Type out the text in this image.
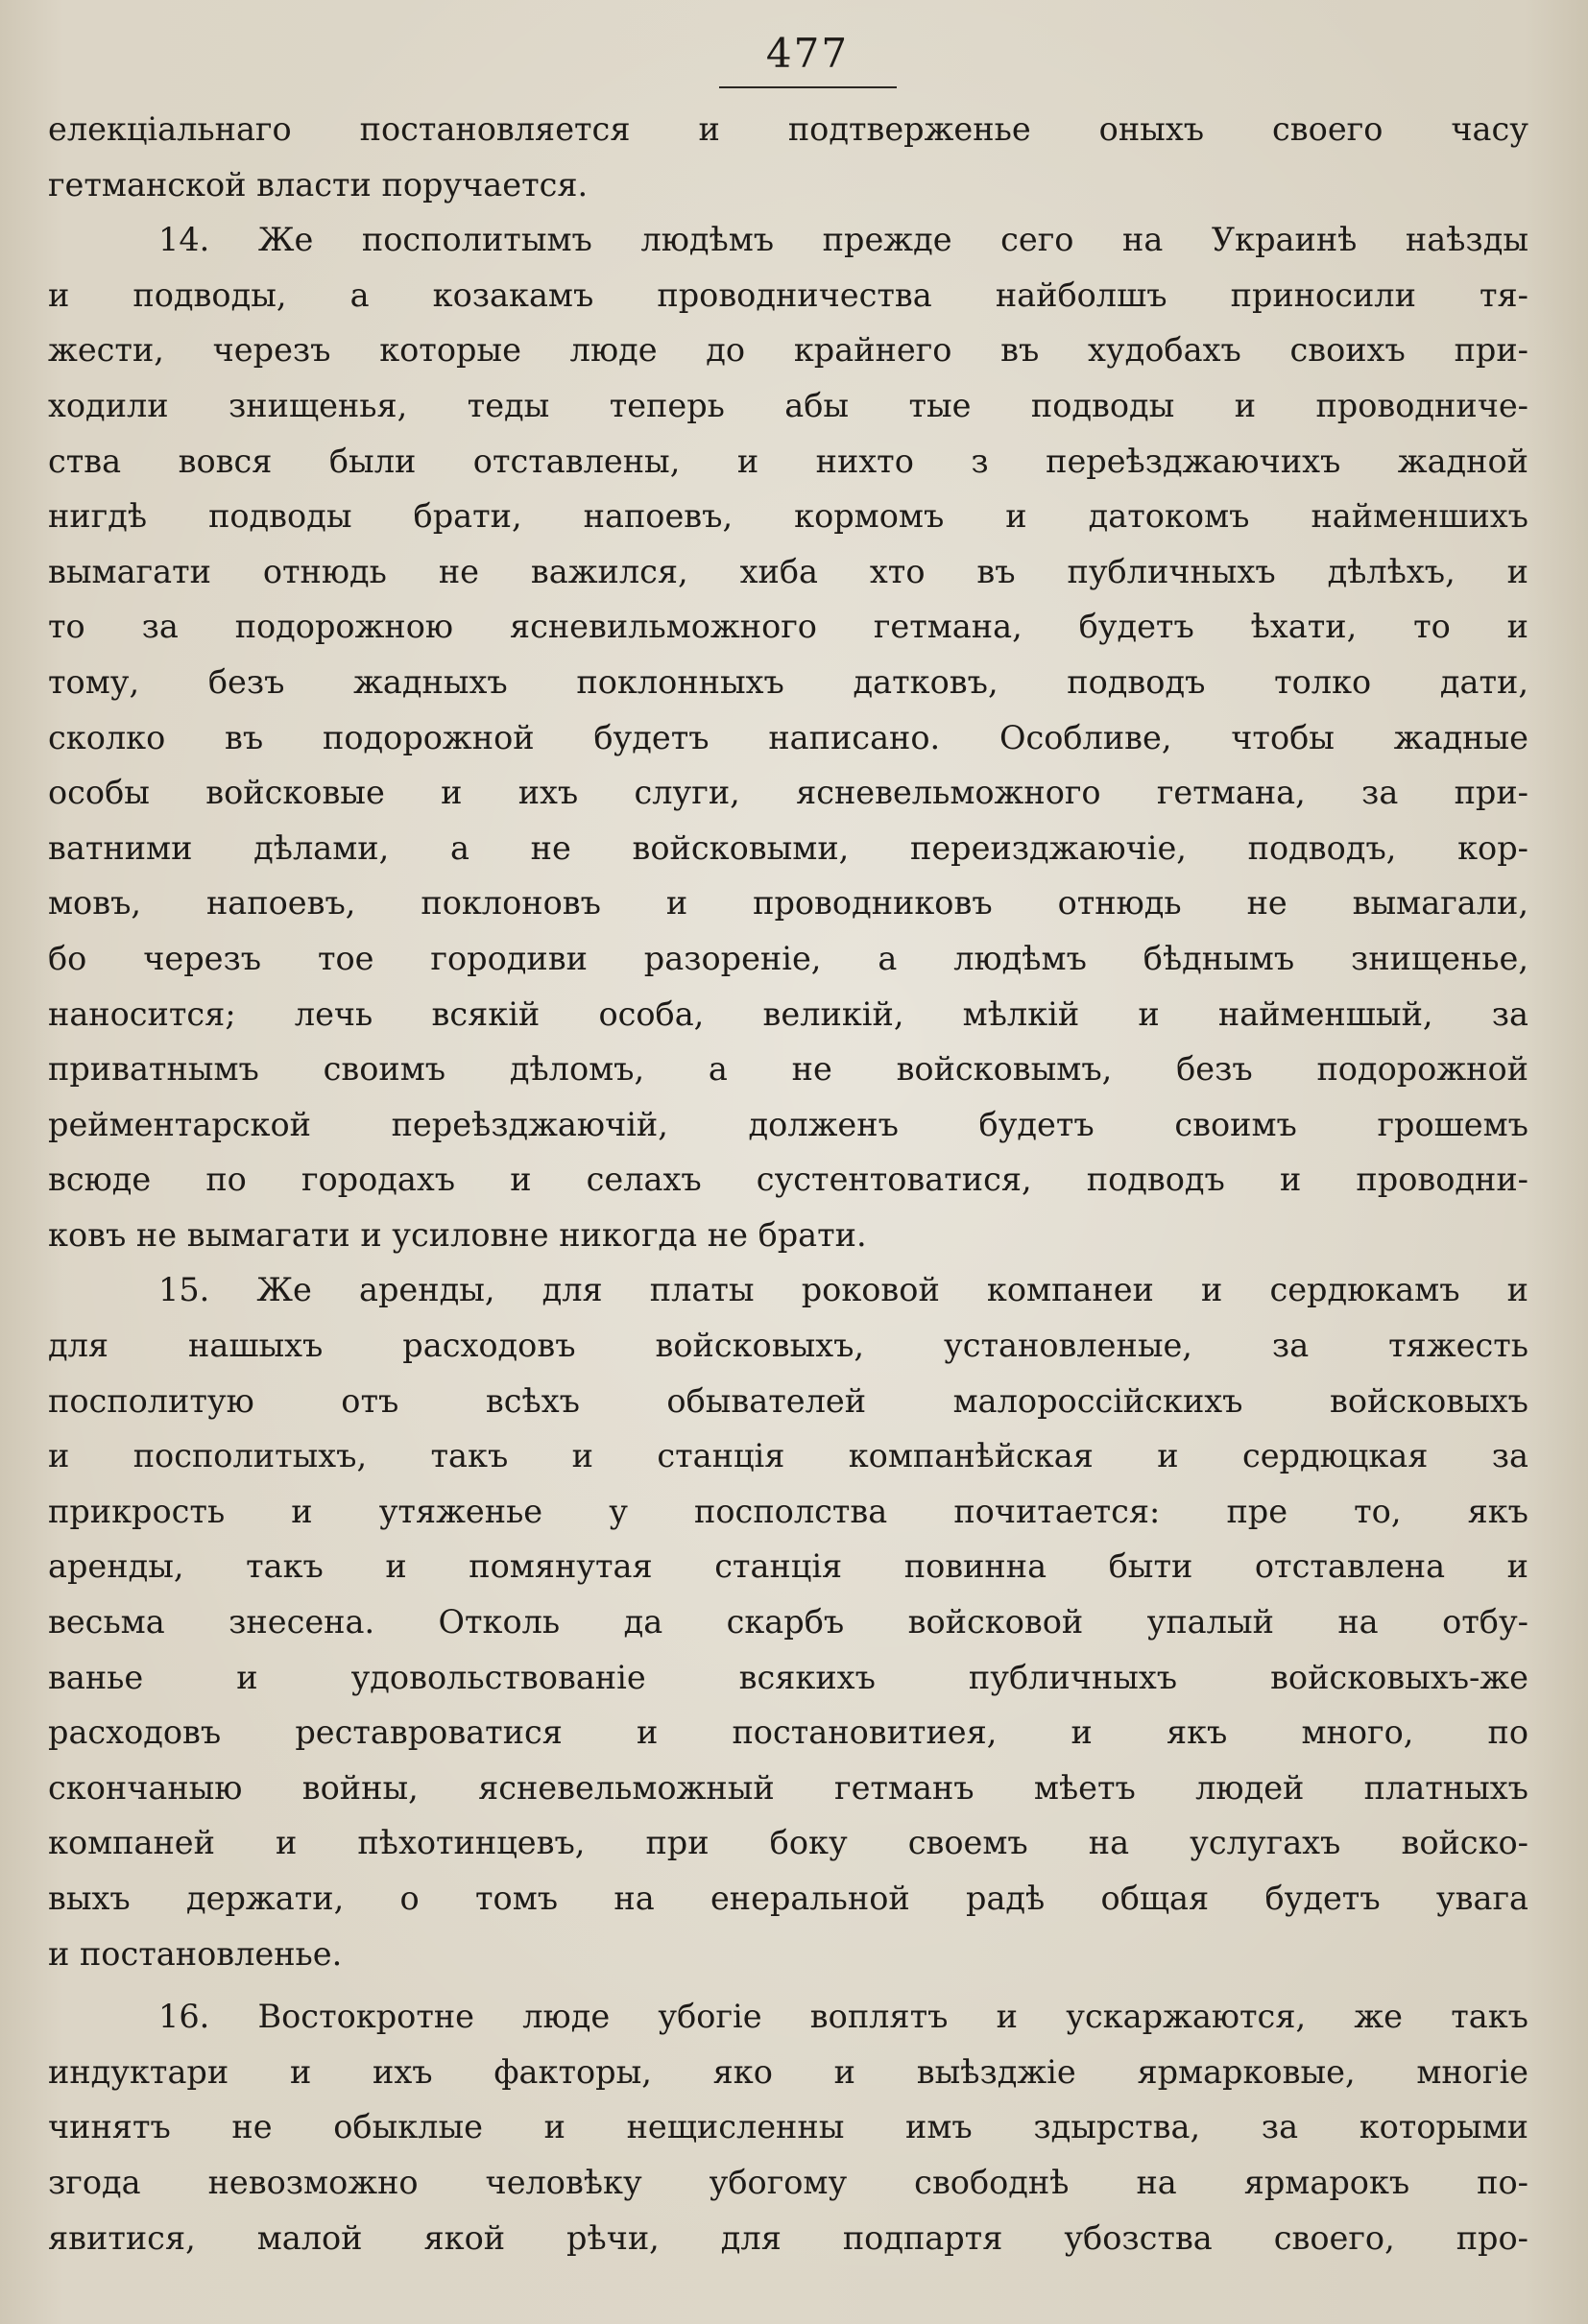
477
елекціальнаго постановляется и подтверженье оныхъ своего часу
гетманской власти поручается.
14. Же посполитымъ людѣмъ прежде сего на Украинѣ наѣзды
и подводы, а козакамъ проводничества найболшъ приносили тя-
жести, черезъ которые люде до крайнего въ худобахъ своихъ при-
ходили знищенья, теды теперь абы тые подводы и проводниче-
ства вовся были отставлены, и нихто з переѣзджаючихъ жадной
нигдѣ подводы брати, напоевъ, кормомъ и датокомъ найменшихъ
вымагати отнюдь не важился, хиба хто въ публичныхъ дѣлѣхъ, и
то за подорожною ясневильможного гетмана, будетъ ѣхати, то и
тому, безъ жадныхъ поклонныхъ датковъ, подводъ толко дати,
сколко въ подорожной будетъ написано. Особливе, чтобы жадные
особы войсковые и ихъ слуги, ясневельможного гетмана, за при-
ватними дѣлами, а не войсковыми, переизджаючіе, подводъ, кор-
мовъ, напоевъ, поклоновъ и проводниковъ отнюдь не вымагали,
бо черезъ тое городиви разореніе, а людѣмъ бѣднымъ знищенье,
наносится; лечь всякій особа, великій, мѣлкій и найменшый, за
приватнымъ своимъ дѣломъ, а не войсковымъ, безъ подорожной
рейментарской переѣзджаючій, долженъ будетъ своимъ грошемъ
всюде по городахъ и селахъ сустентоватися, подводъ и проводни-
ковъ не вымагати и усиловне никогда не брати.
15. Же аренды, для платы роковой компанеи и сердюкамъ и
для нашыхъ расходовъ войсковыхъ, установленые, за тяжесть
посполитую отъ всѣхъ обывателей малороссійскихъ войсковыхъ
и посполитыхъ, такъ и станція компанѣйская и сердюцкая за
прикрость и утяженье у посполства почитается: пре то, якъ
аренды, такъ и помянутая станція повинна быти отставлена и
весьма знесена. Отколь да скарбъ войсковой упалый на отбу-
ванье и удовольствованіе всякихъ публичныхъ войсковыхъ-же
расходовъ реставроватися и постановитиея, и якъ много, по
скончаныю войны, ясневельможный гетманъ мѣетъ людей платныхъ
компаней и пѣхотинцевъ, при боку своемъ на услугахъ войско-
выхъ держати, о томъ на енеральной радѣ общая будетъ увага
и постановленье.
16. Востокротне люде убогіе воплятъ и ускаржаются, же такъ
индуктари и ихъ факторы, яко и выѣзджіе ярмарковые, многіе
чинятъ не обыклые и нещисленны имъ здырства, за которыми
згода невозможно человѣку убогому свободнѣ на ярмарокъ по-
явитися, малой якой рѣчи, для подпартя убозства своего, про-
